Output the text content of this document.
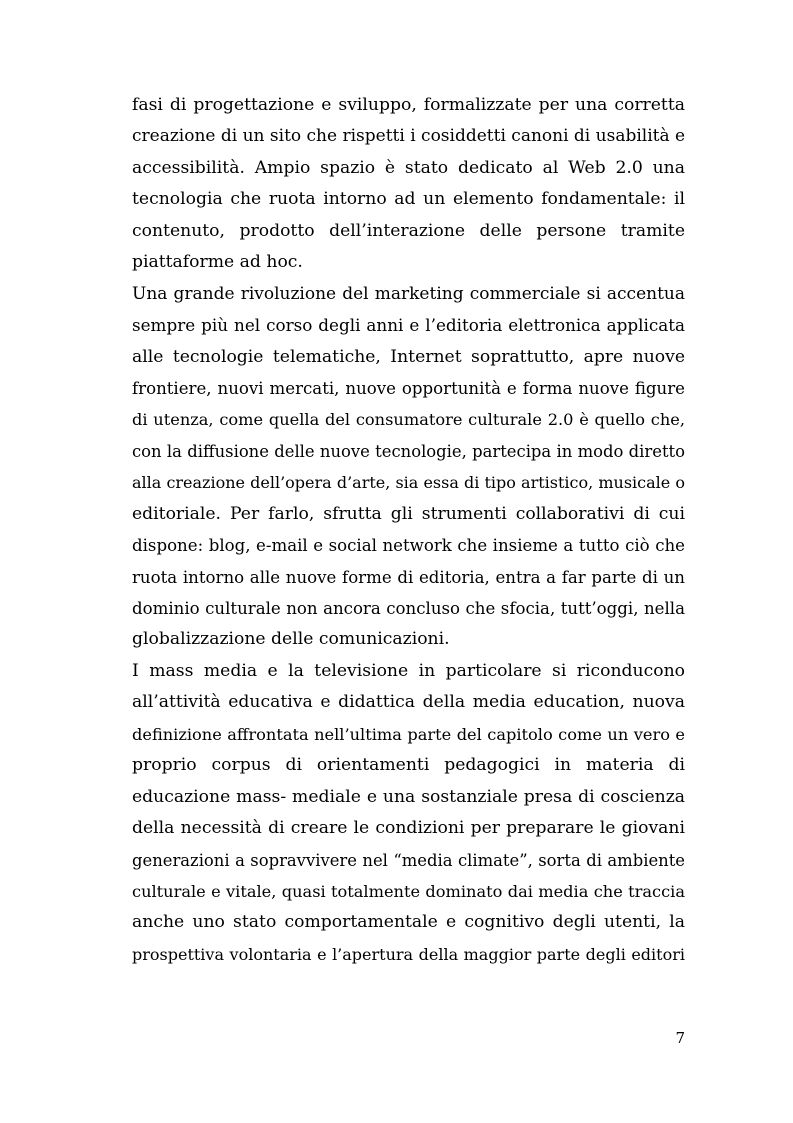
fasi di progettazione e sviluppo, formalizzate per una corretta
creazione di un sito che rispetti i cosiddetti canoni di usabilità e
accessibilità. Ampio spazio è stato dedicato al Web 2.0 una
tecnologia che ruota intorno ad un elemento fondamentale: il
contenuto, prodotto dell’interazione delle persone tramite
piattaforme ad hoc.
Una grande rivoluzione del marketing commerciale si accentua
sempre più nel corso degli anni e l’editoria elettronica applicata
alle tecnologie telematiche, Internet soprattutto, apre nuove
frontiere, nuovi mercati, nuove opportunità e forma nuove figure
di utenza, come quella del consumatore culturale 2.0 è quello che,
con la diffusione delle nuove tecnologie, partecipa in modo diretto
alla creazione dell’opera d’arte, sia essa di tipo artistico, musicale o
editoriale. Per farlo, sfrutta gli strumenti collaborativi di cui
dispone: blog, e-mail e social network che insieme a tutto ciò che
ruota intorno alle nuove forme di editoria, entra a far parte di un
dominio culturale non ancora concluso che sfocia, tutt’oggi, nella
globalizzazione delle comunicazioni.
I mass media e la televisione in particolare si riconducono
all’attività educativa e didattica della media education, nuova
definizione affrontata nell’ultima parte del capitolo come un vero e
proprio corpus di orientamenti pedagogici in materia di
educazione mass- mediale e una sostanziale presa di coscienza
della necessità di creare le condizioni per preparare le giovani
generazioni a sopravvivere nel “media climate”, sorta di ambiente
culturale e vitale, quasi totalmente dominato dai media che traccia
anche uno stato comportamentale e cognitivo degli utenti, la
prospettiva volontaria e l’apertura della maggior parte degli editori
7
